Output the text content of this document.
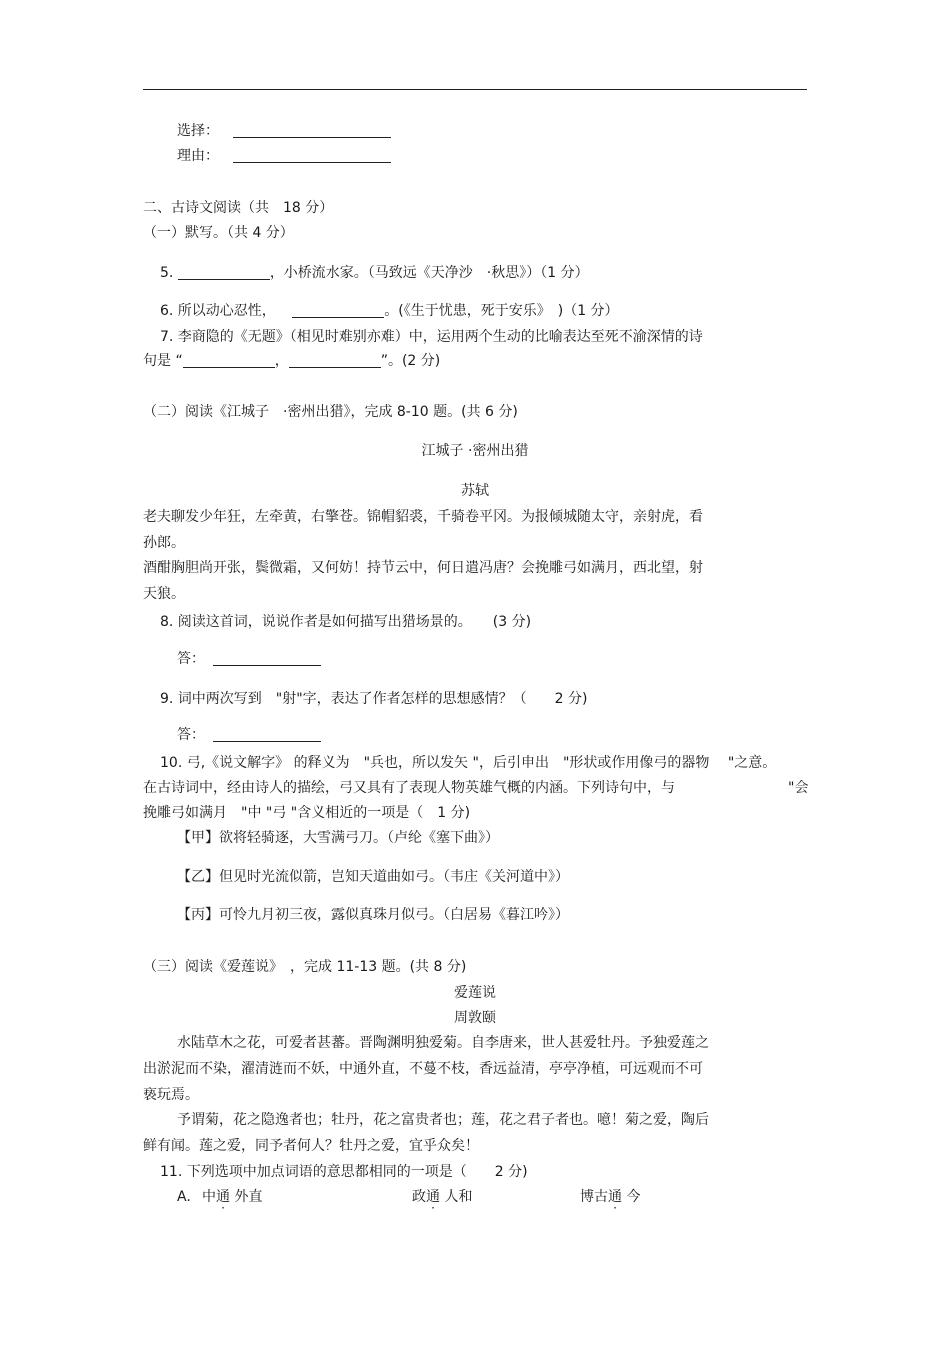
选择：
理由：
二、古诗文阅读（共　18 分）
（一）默写。（共 4 分）
5.	，小桥流水家。（马致远《天净沙　·秋思》）（1 分）
6. 所以动心忍性，	。(《生于忧患，死于安乐》　)（1 分）
7. 李商隐的《无题》（相见时难别亦难）中，运用两个生动的比喻表达至死不渝深情的诗
句是 “	，	”。(2 分)
（二）阅读《江城子　·密州出猎》，完成 8-10 题。(共 6 分)
江城子 ·密州出猎
苏轼
老夫聊发少年狂，左牵黄，右擎苍。锦帽貂裘，千骑卷平冈。为报倾城随太守，亲射虎，看
孙郎。
酒酣胸胆尚开张，鬓微霜，又何妨！持节云中，何日遣冯唐？会挽雕弓如满月，西北望，射
天狼。
8. 阅读这首词，说说作者是如何描写出猎场景的。　　(3 分)
答：
9. 词中两次写到　"射"字，表达了作者怎样的思想感情？（　　2 分)
答：
10. 弓,《说文解字》 的释义为　"兵也，所以发矢 "，后引申出　"形状或作用像弓的器物　 "之意。
在古诗词中，经由诗人的描绘，弓又具有了表现人物英雄气概的内涵。下列诗句中，与	"会
挽雕弓如满月　"中 "弓 "含义相近的一项是（　1 分)
【甲】欲将轻骑逐，大雪满弓刀。（卢纶《塞下曲》）
【乙】但见时光流似箭，岂知天道曲如弓。（韦庄《关河道中》）
【丙】可怜九月初三夜，露似真珠月似弓。（白居易《暮江吟》）
（三）阅读《爱莲说》　，完成 11-13 题。(共 8 分)
爱莲说
周敦颐
水陆草木之花，可爱者甚蕃。晋陶渊明独爱菊。自李唐来，世人甚爱牡丹。予独爱莲之
出淤泥而不染，濯清涟而不妖，中通外直，不蔓不枝，香远益清，亭亭净植，可远观而不可
亵玩焉。
予谓菊，花之隐逸者也；牡丹，花之富贵者也；莲，花之君子者也。噫！菊之爱，陶后
鲜有闻。莲之爱，同予者何人？牡丹之爱，宜乎众矣！
11. 下列选项中加点词语的意思都相同的一项是（　　2 分)
A. 中通 外直	政通 人和	博古通 今
